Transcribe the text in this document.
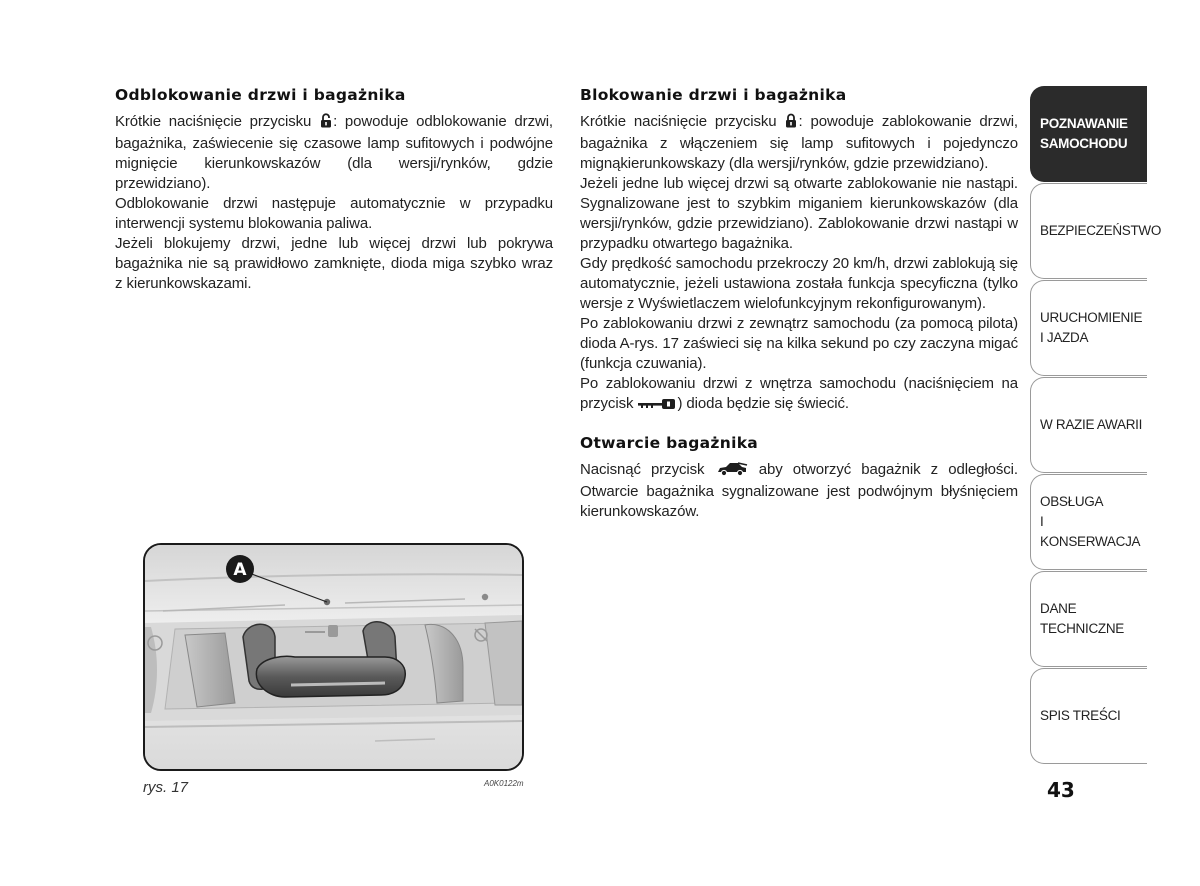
Odblokowanie drzwi i bagażnika

Krótkie naciśnięcie przycisku : powoduje odblokowanie drzwi, bagażnika, zaświecenie się czasowe lamp sufitowych i podwójne mignięcie kierunkowskazów (dla wersji/rynków, gdzie przewidziano).

Odblokowanie drzwi następuje automatycznie w przypadku interwencji systemu blokowania paliwa.

Jeżeli blokujemy drzwi, jedne lub więcej drzwi lub pokrywa bagażnika nie są prawidłowo zamknięte, dioda miga szybko wraz z kierunkowskazami.

Blokowanie drzwi i bagażnika

Krótkie naciśnięcie przycisku : powoduje zablokowanie drzwi, bagażnika z włączeniem się lamp sufitowych i pojedynczo mignąkierunkowskazy (dla wersji/rynków, gdzie przewidziano).

Jeżeli jedne lub więcej drzwi są otwarte zablokowanie nie nastąpi. Sygnalizowane jest to szybkim miganiem kierunkowskazów (dla wersji/rynków, gdzie przewidziano). Zablokowanie drzwi nastąpi w przypadku otwartego bagażnika.

Gdy prędkość samochodu przekroczy 20 km/h, drzwi zablokują się automatycznie, jeżeli ustawiona została funkcja specyficzna (tylko wersje z Wyświetlaczem wielofunkcyjnym rekonfigurowanym).

Po zablokowaniu drzwi z zewnątrz samochodu (za pomocą pilota) dioda A-rys. 17 zaświeci się na kilka sekund po czy zaczyna migać (funkcja czuwania).

Po zablokowaniu drzwi z wnętrza samochodu (naciśnięciem na przycisk	) dioda będzie się świecić.

Otwarcie bagażnika

Nacisnąć przycisk  aby otworzyć bagażnik z odległości. Otwarcie bagażnika sygnalizowane jest podwójnym błyśnięciem kierunkowskazów.

A
rys. 17	A0K0122m
POZNAWANIE
SAMOCHODU
BEZPIECZEŃSTWO
URUCHOMIENIE
I JAZDA
W RAZIE AWARII
OBSŁUGA
I KONSERWACJA
DANE
TECHNICZNE
SPIS TREŚCI
43
